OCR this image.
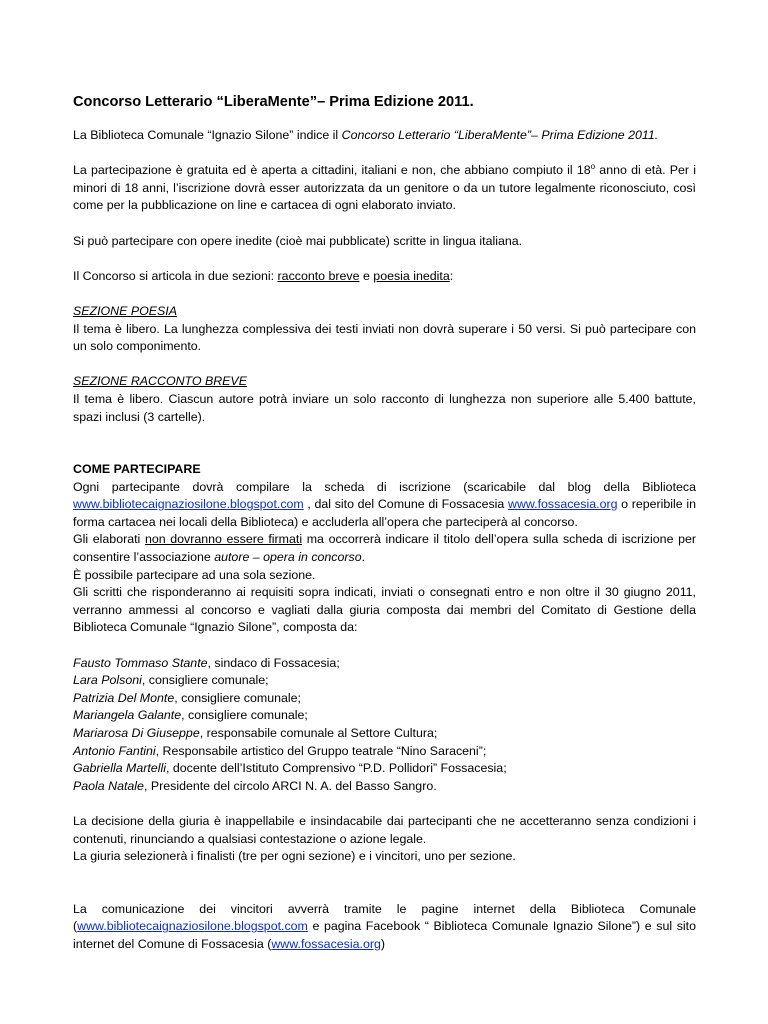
Concorso Letterario “LiberaMente”– Prima Edizione 2011.

La Biblioteca Comunale “Ignazio Silone” indice il Concorso Letterario “LiberaMente”– Prima Edizione 2011.

La partecipazione è gratuita ed è aperta a cittadini, italiani e non, che abbiano compiuto il 18$^o$ anno di età. Per i minori di 18 anni, l’iscrizione dovrà esser autorizzata da un genitore o da un tutore legalmente riconosciuto, così come per la pubblicazione on line e cartacea di ogni elaborato inviato.

Si può partecipare con opere inedite (cioè mai pubblicate) scritte in lingua italiana.

Il Concorso si articola in due sezioni: racconto breve e poesia inedita:

SEZIONE POESIA

Il tema è libero. La lunghezza complessiva dei testi inviati non dovrà superare i 50 versi. Si può partecipare con un solo componimento.

SEZIONE RACCONTO BREVE

Il tema è libero. Ciascun autore potrà inviare un solo racconto di lunghezza non superiore alle 5.400 battute, spazi inclusi (3 cartelle).

COME PARTECIPARE

Ogni partecipante dovrà compilare la scheda di iscrizione (scaricabile dal blog della Biblioteca www.bibliotecaignaziosilone.blogspot.com , dal sito del Comune di Fossacesia www.fossacesia.org o reperibile in forma cartacea nei locali della Biblioteca) e accluderla all’opera che parteciperà al concorso.

Gli elaborati non dovranno essere firmati ma occorrerà indicare il titolo dell’opera sulla scheda di iscrizione per consentire l’associazione autore – opera in concorso.

È possibile partecipare ad una sola sezione.

Gli scritti che risponderanno ai requisiti sopra indicati, inviati o consegnati entro e non oltre il 30 giugno 2011, verranno ammessi al concorso e vagliati dalla giuria composta dai membri del Comitato di Gestione della Biblioteca Comunale “Ignazio Silone”, composta da:

Fausto Tommaso Stante, sindaco di Fossacesia;
Lara Polsoni, consigliere comunale;
Patrizia Del Monte, consigliere comunale;
Mariangela Galante, consigliere comunale;
Mariarosa Di Giuseppe, responsabile comunale al Settore Cultura;
Antonio Fantini, Responsabile artistico del Gruppo teatrale “Nino Saraceni”;
Gabriella Martelli, docente dell’Istituto Comprensivo “P.D. Pollidori” Fossacesia;
Paola Natale, Presidente del circolo ARCI N. A. del Basso Sangro.

La decisione della giuria è inappellabile e insindacabile dai partecipanti che ne accetteranno senza condizioni i contenuti, rinunciando a qualsiasi contestazione o azione legale.

La giuria selezionerà i finalisti (tre per ogni sezione) e i vincitori, uno per sezione.

La comunicazione dei vincitori avverrà tramite le pagine internet della Biblioteca Comunale (www.bibliotecaignaziosilone.blogspot.com e pagina Facebook “ Biblioteca Comunale Ignazio Silone”) e sul sito internet del Comune di Fossacesia (www.fossacesia.org)
